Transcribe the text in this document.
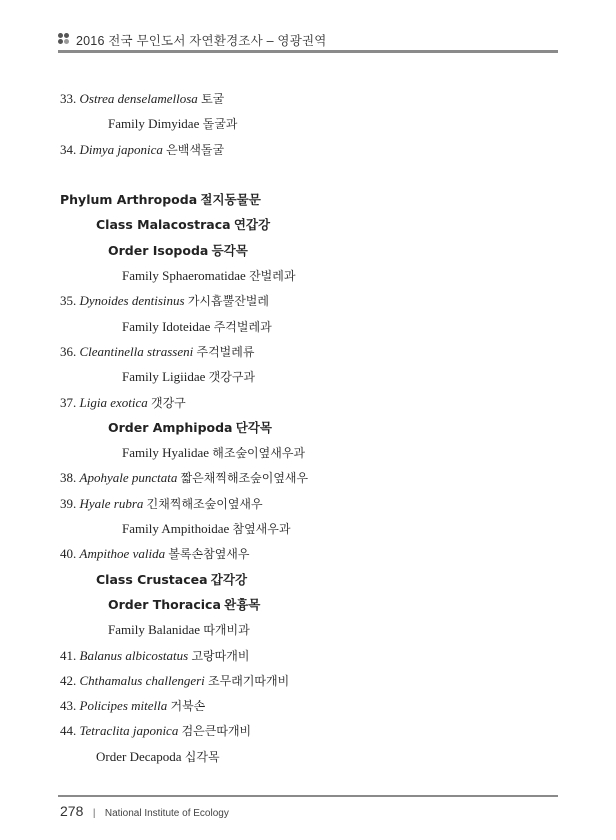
2016 전국 무인도서 자연환경조사 – 영광권역
33. Ostrea denselamellosa 토굴
Family Dimyidae 돌굴과
34. Dimya japonica 은백색돌굴
Phylum Arthropoda 절지동물문
Class Malacostraca 연갑강
Order Isopoda 등각목
Family Sphaeromatidae 잔벌레과
35. Dynoides dentisinus 가시흡뿔잔벌레
Family Idoteidae 주걱벌레과
36. Cleantinella strasseni 주걱벌레류
Family Ligiidae 갯강구과
37. Ligia exotica 갯강구
Order Amphipoda 단각목
Family Hyalidae 해조숲이옆새우과
38. Apohyale punctata 짧은채찍해조숲이옆새우
39. Hyale rubra 긴채찍해조숲이옆새우
Family Ampithoidae 참옆새우과
40. Ampithoe valida 볼록손참옆새우
Class Crustacea 갑각강
Order Thoracica 완흉목
Family Balanidae 따개비과
41. Balanus albicostatus 고랑따개비
42. Chthamalus challengeri 조무래기따개비
43. Policipes mitella 거북손
44. Tetraclita japonica 검은큰따개비
Order Decapoda 십각목
278 | National Institute of Ecology
